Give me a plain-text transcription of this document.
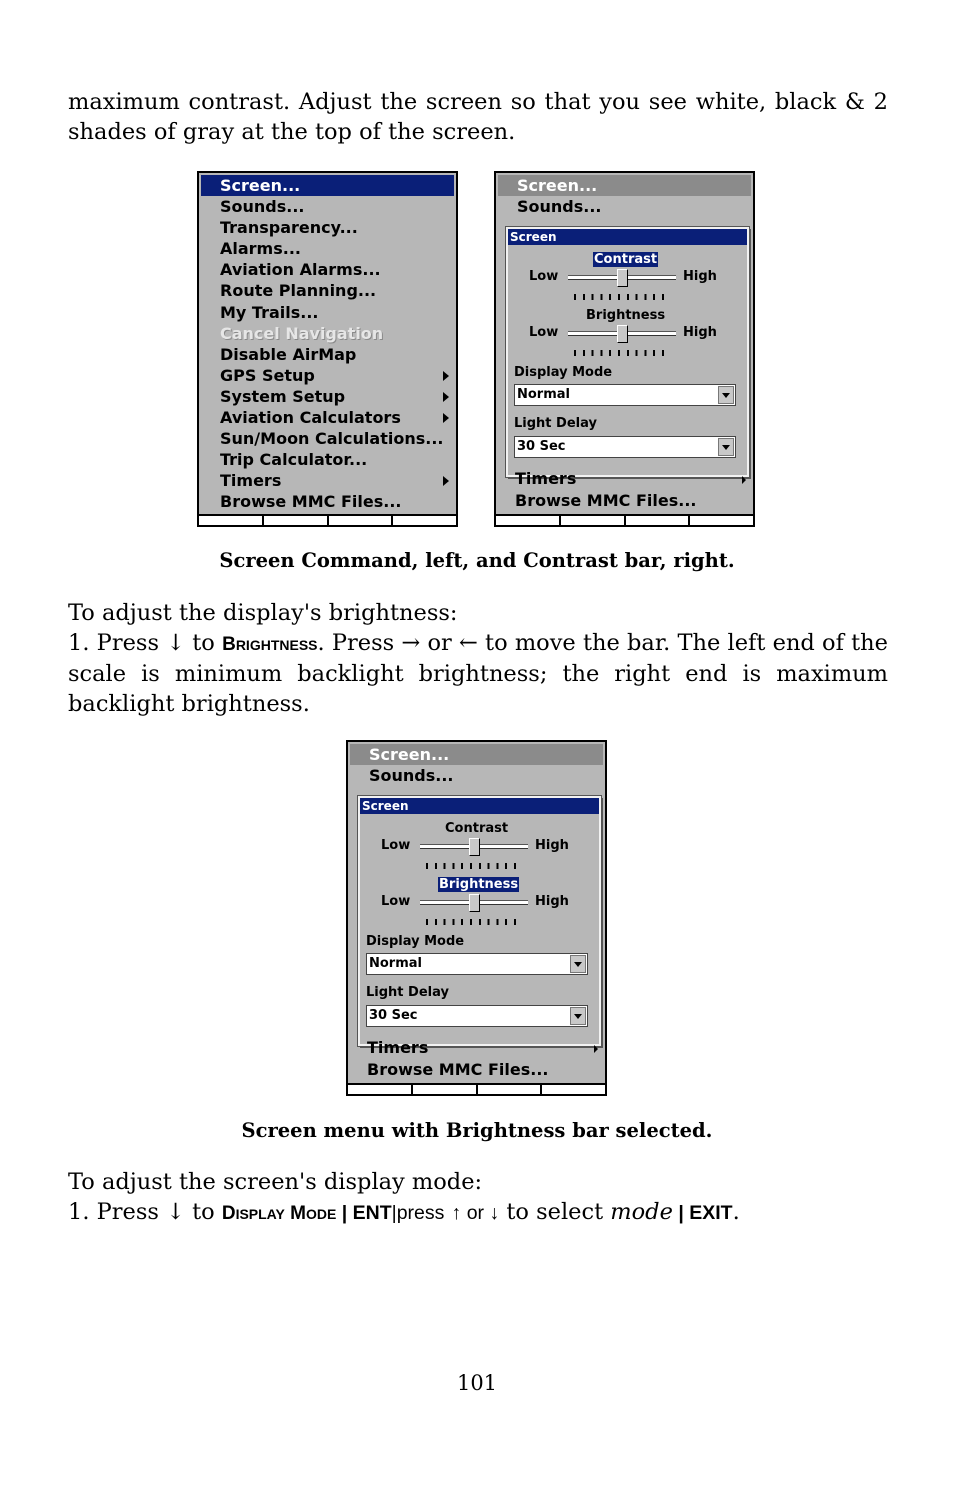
maximum contrast. Adjust the screen so that you see white, black & 2 shades of gray at the top of the screen.

Screen...
Sounds...
Transparency...
Alarms...
Aviation Alarms...
Route Planning...
My Trails...
Cancel Navigation
Disable AirMap
GPS Setup
System Setup
Aviation Calculators
Sun/Moon Calculations...
Trip Calculator...
Timers
Browse MMC Files...
Screen...
Sounds...
Screen
Contrast
Low	High
Brightness
Low	High
Display Mode
Normal
Light Delay
30 Sec
Timers
Browse MMC Files...
Screen Command, left, and Contrast bar, right.

To adjust the display's brightness:

1. Press ↓ to BRIGHTNESS. Press → or ← to move the bar. The left end of the scale is minimum backlight brightness; the right end is maximum backlight brightness.

Screen...
Sounds...
Screen
Contrast
Low	High
Brightness
Low	High
Display Mode
Normal
Light Delay
30 Sec
Timers
Browse MMC Files...
Screen menu with Brightness bar selected.

To adjust the screen's display mode:

1. Press ↓ to DISPLAY MODE | ENT|press ↑ or ↓ to select mode | EXIT.

101
